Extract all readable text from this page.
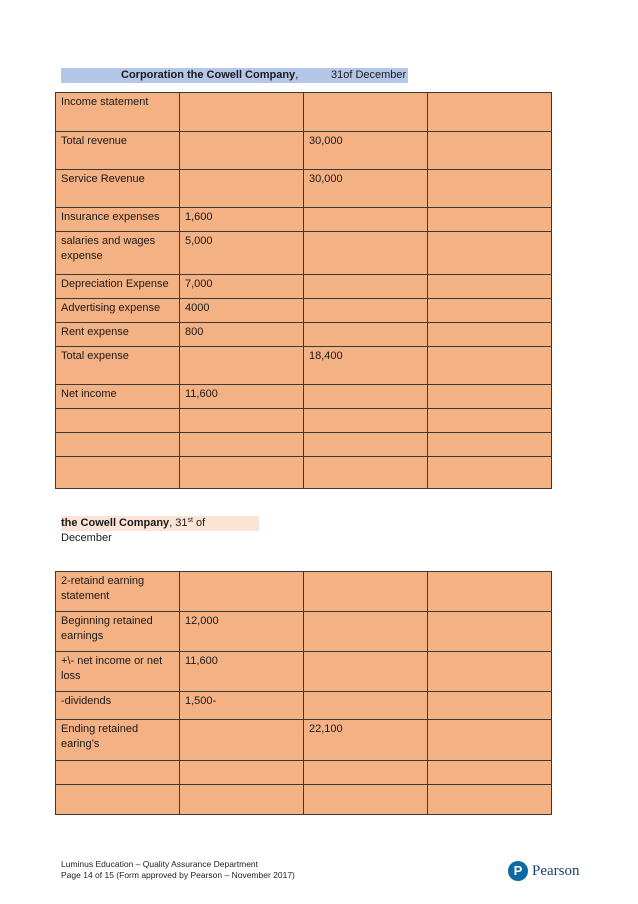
Corporation the Cowell Company,	31of December
Income statement			
Total revenue		30,000	
Service Revenue		30,000	
Insurance expenses	1,600		
salaries and wages expense	5,000		
Depreciation Expense	7,000		
Advertising expense	4000		
Rent expense	800		
Total expense		18,400	
Net income	11,600		

the Cowell Company, 31st of December
2-retaind earning statement			
Beginning retained earnings	12,000		
+\- net income or net loss	11,600		
-dividends	1,500-		
Ending retained earing’s		22,100	

Luminus Education – Quality Assurance Department
Page 14 of 15 (Form approved by Pearson – November 2017)	P Pearson
